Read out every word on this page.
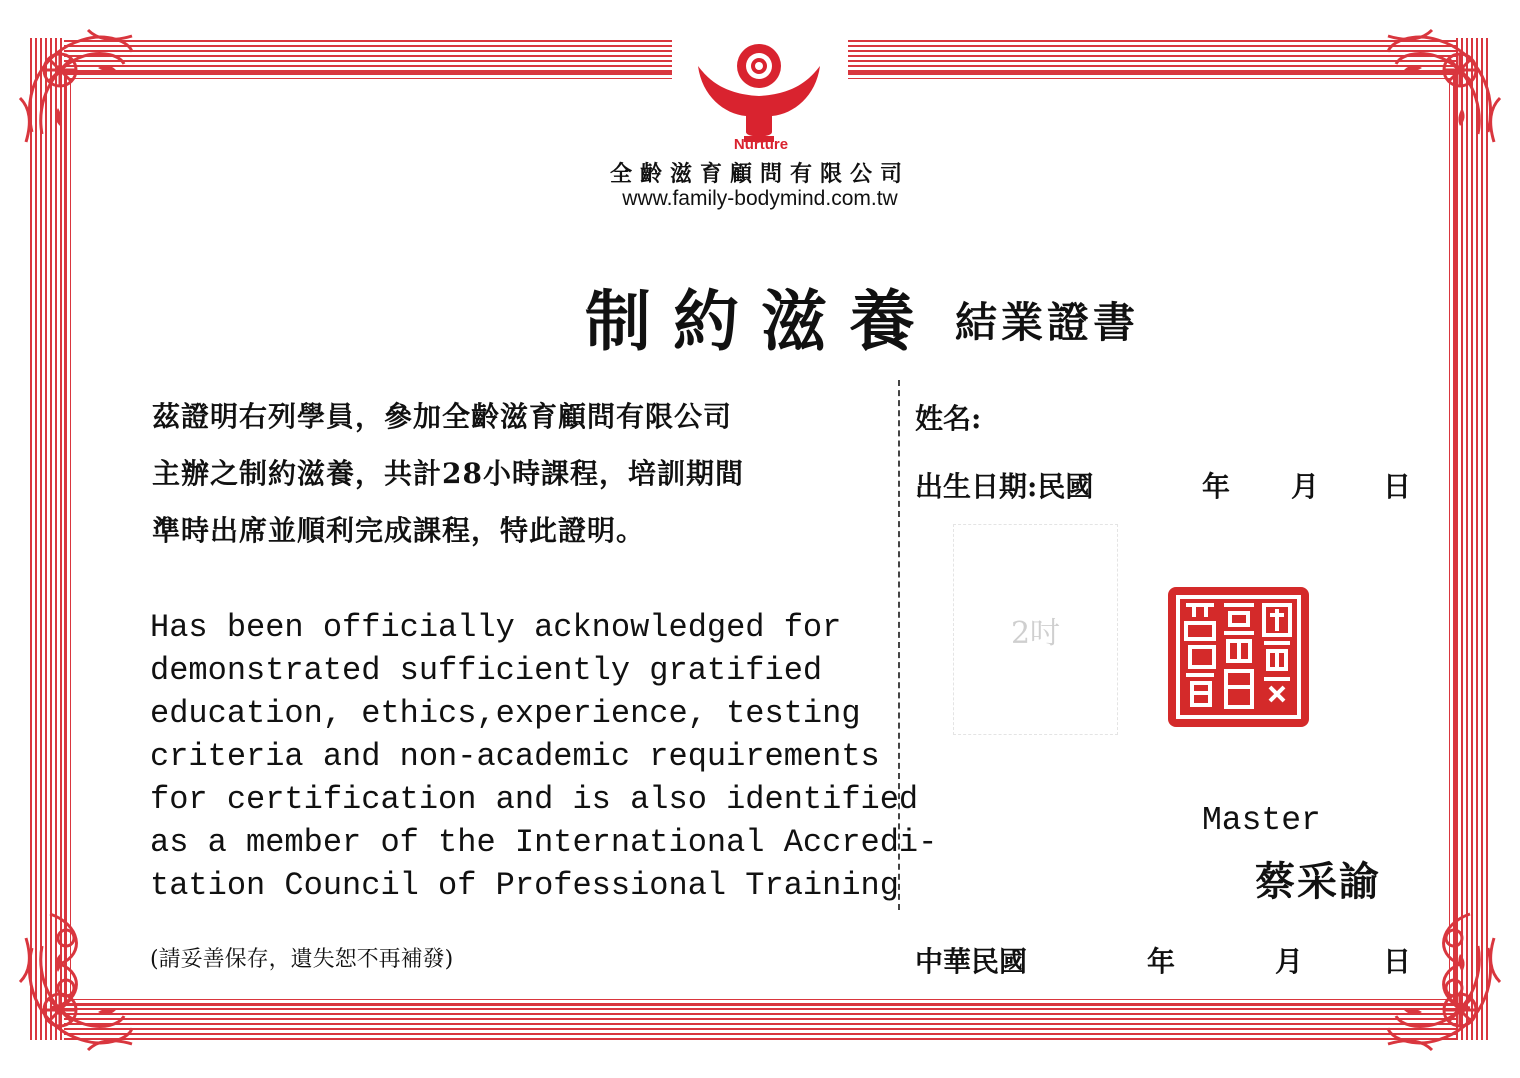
Nurture
全齡滋育顧問有限公司
www.family-bodymind.com.tw
制約滋養 結業證書
茲證明右列學員，參加全齡滋育顧問有限公司
主辦之制約滋養，共計28小時課程，培訓期間
準時出席並順利完成課程，特此證明。
Has been officially acknowledged for
demonstrated sufficiently gratified
education, ethics,experience, testing
criteria and non-academic requirements
for certification and is also identified
as a member of the International Accredi-
tation Council of Professional Training
姓名:
出生日期:民國	年 月 日
2吋
Master
蔡采諭
(請妥善保存，遺失恕不再補發)	中華民國	年	月	日
